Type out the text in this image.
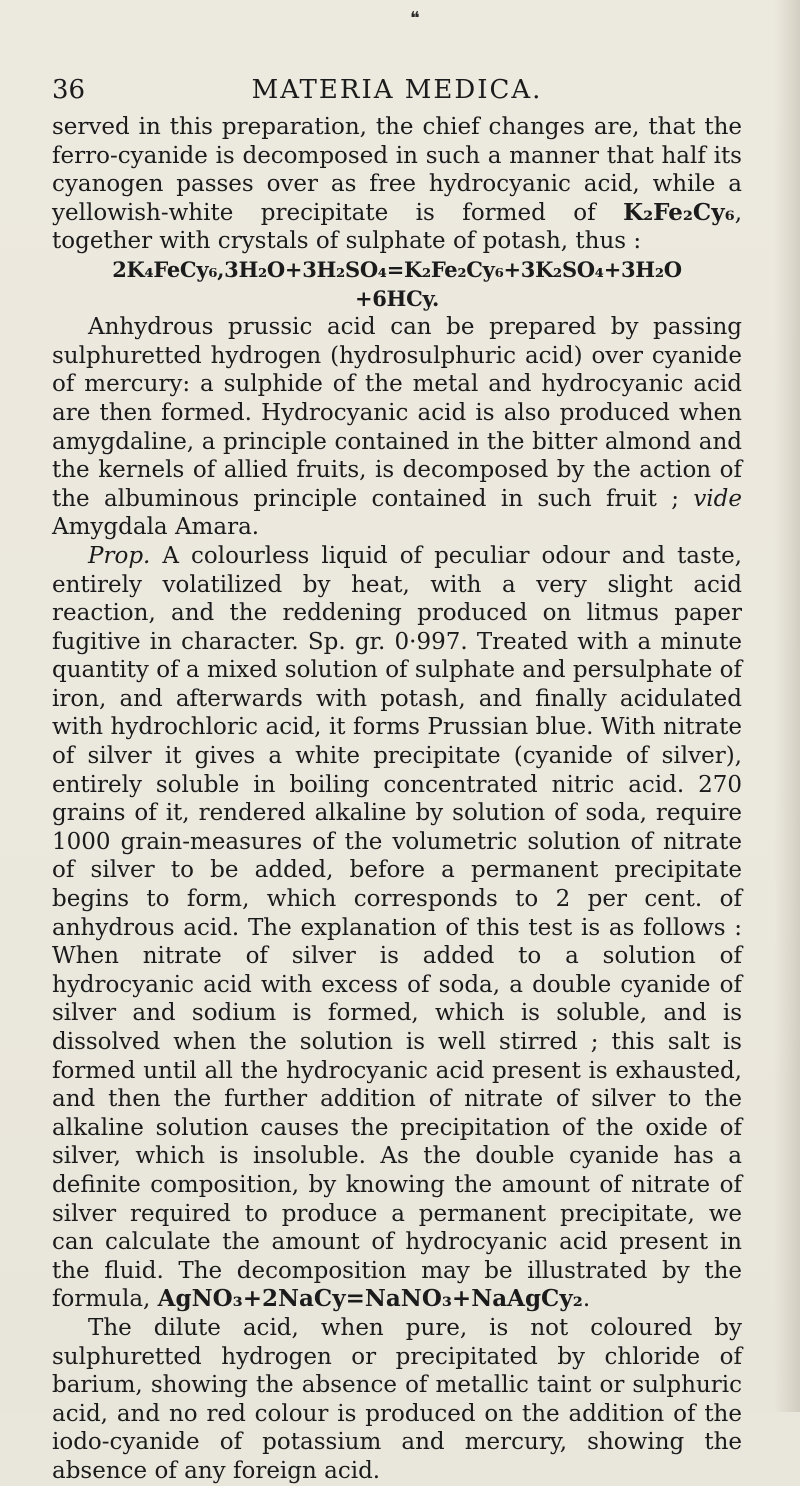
❝
36	MATERIA MEDICA.

served in this preparation, the chief changes are, that the ferro-cyanide is decomposed in such a manner that half its cyanogen passes over as free hydrocyanic acid, while a yellowish-white precipitate is formed of K₂Fe₂Cy₆, together with crystals of sulphate of potash, thus :

2K₄FeCy₆,3H₂O+3H₂SO₄=K₂Fe₂Cy₆+3K₂SO₄+3H₂O

+6HCy.

Anhydrous prussic acid can be prepared by passing sulphuretted hydrogen (hydrosulphuric acid) over cyanide of mercury: a sulphide of the metal and hydrocyanic acid are then formed. Hydrocyanic acid is also produced when amygdaline, a principle contained in the bitter almond and the kernels of allied fruits, is decomposed by the action of the albuminous principle contained in such fruit ; vide Amygdala Amara.

Prop. A colourless liquid of peculiar odour and taste, entirely volatilized by heat, with a very slight acid reaction, and the reddening produced on litmus paper fugitive in character. Sp. gr. 0·997. Treated with a minute quantity of a mixed solution of sulphate and persulphate of iron, and afterwards with potash, and finally acidulated with hydrochloric acid, it forms Prussian blue. With nitrate of silver it gives a white precipitate (cyanide of silver), entirely soluble in boiling concentrated nitric acid. 270 grains of it, rendered alkaline by solution of soda, require 1000 grain-measures of the volumetric solution of nitrate of silver to be added, before a permanent precipitate begins to form, which corresponds to 2 per cent. of anhydrous acid. The explanation of this test is as follows : When nitrate of silver is added to a solution of hydrocyanic acid with excess of soda, a double cyanide of silver and sodium is formed, which is soluble, and is dissolved when the solution is well stirred ; this salt is formed until all the hydrocyanic acid present is exhausted, and then the further addition of nitrate of silver to the alkaline solution causes the precipitation of the oxide of silver, which is insoluble. As the double cyanide has a definite composition, by knowing the amount of nitrate of silver required to produce a permanent precipitate, we can calculate the amount of hydrocyanic acid present in the fluid. The decomposition may be illustrated by the formula, AgNO₃+2NaCy=NaNO₃+NaAgCy₂.

The dilute acid, when pure, is not coloured by sulphuretted hydrogen or precipitated by chloride of barium, showing the absence of metallic taint or sulphuric acid, and no red colour is produced on the addition of the iodo-cyanide of potassium and mercury, showing the absence of any foreign acid.
